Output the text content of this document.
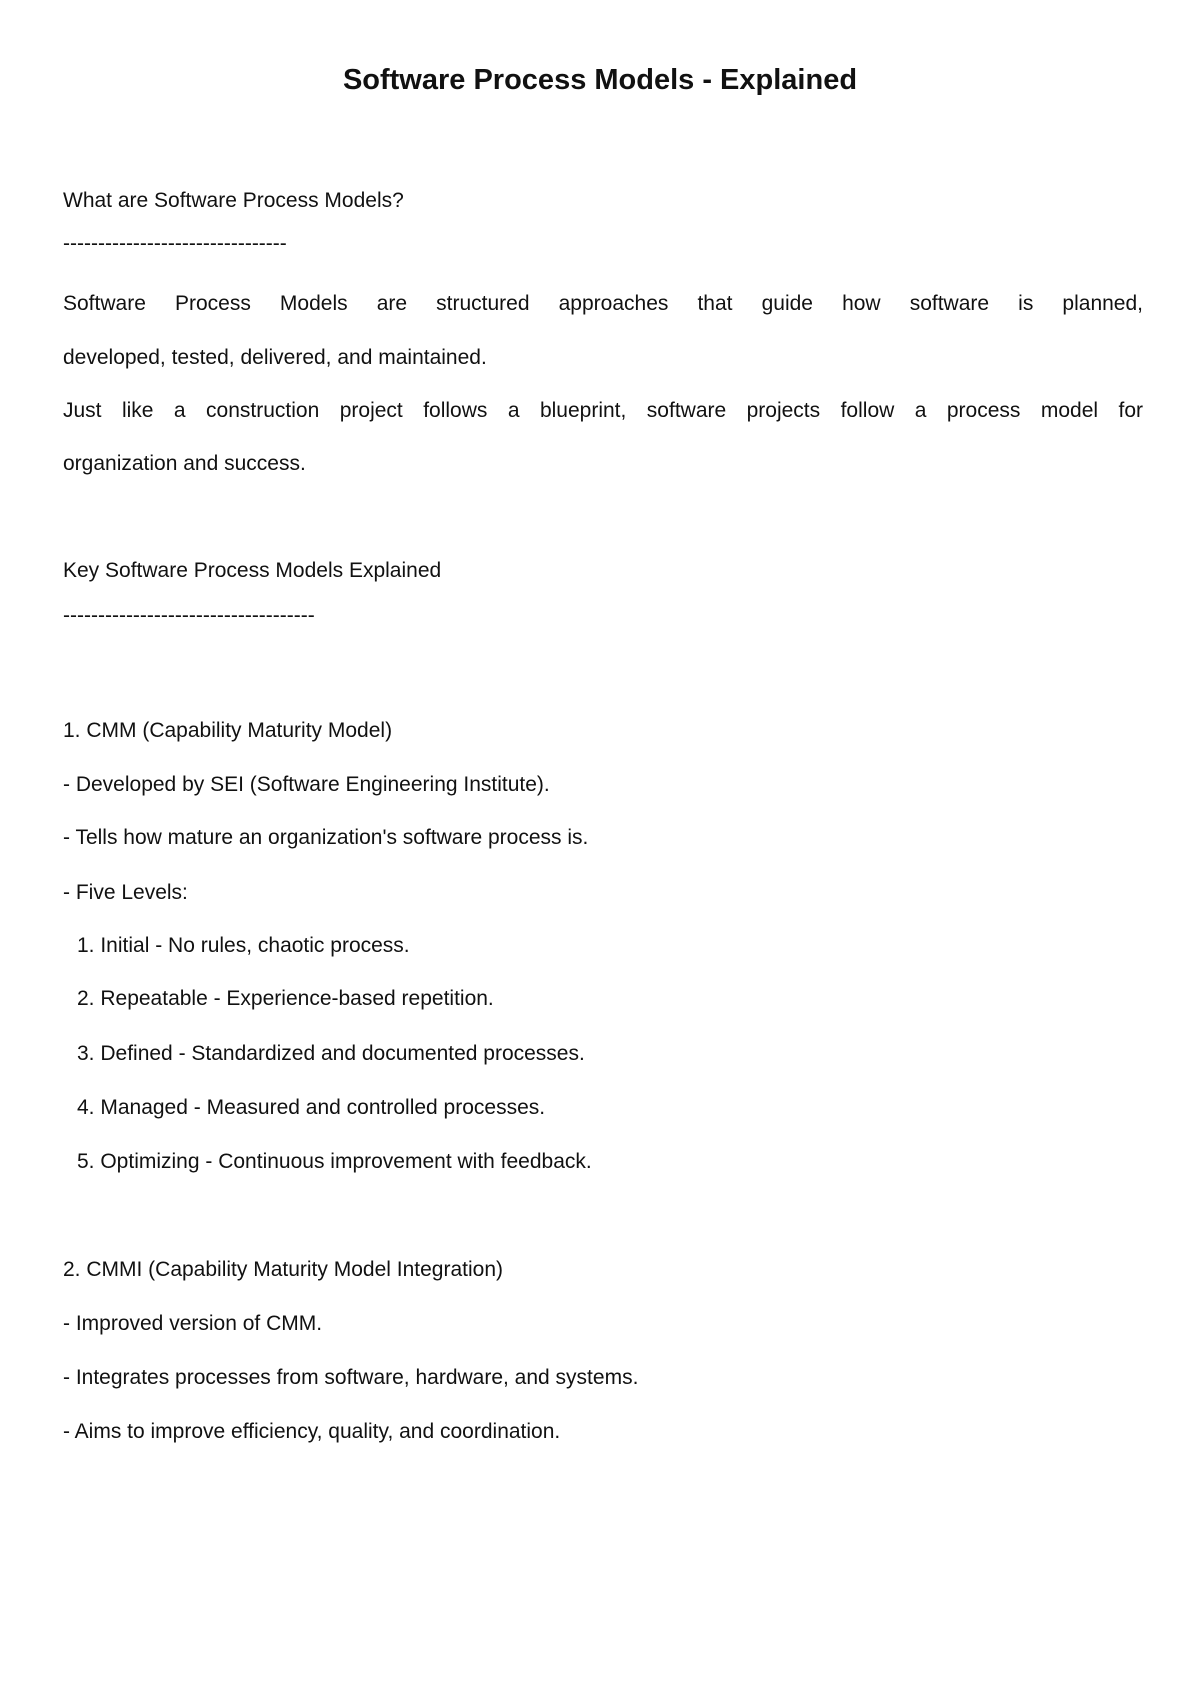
Software Process Models - Explained

What are Software Process Models?

--------------------------------

Software Process Models are structured approaches that guide how software is planned,

developed, tested, delivered, and maintained.

Just like a construction project follows a blueprint, software projects follow a process model for

organization and success.

Key Software Process Models Explained

------------------------------------

1. CMM (Capability Maturity Model)

- Developed by SEI (Software Engineering Institute).

- Tells how mature an organization's software process is.

- Five Levels:

1. Initial - No rules, chaotic process.

2. Repeatable - Experience-based repetition.

3. Defined - Standardized and documented processes.

4. Managed - Measured and controlled processes.

5. Optimizing - Continuous improvement with feedback.

2. CMMI (Capability Maturity Model Integration)

- Improved version of CMM.

- Integrates processes from software, hardware, and systems.

- Aims to improve efficiency, quality, and coordination.
